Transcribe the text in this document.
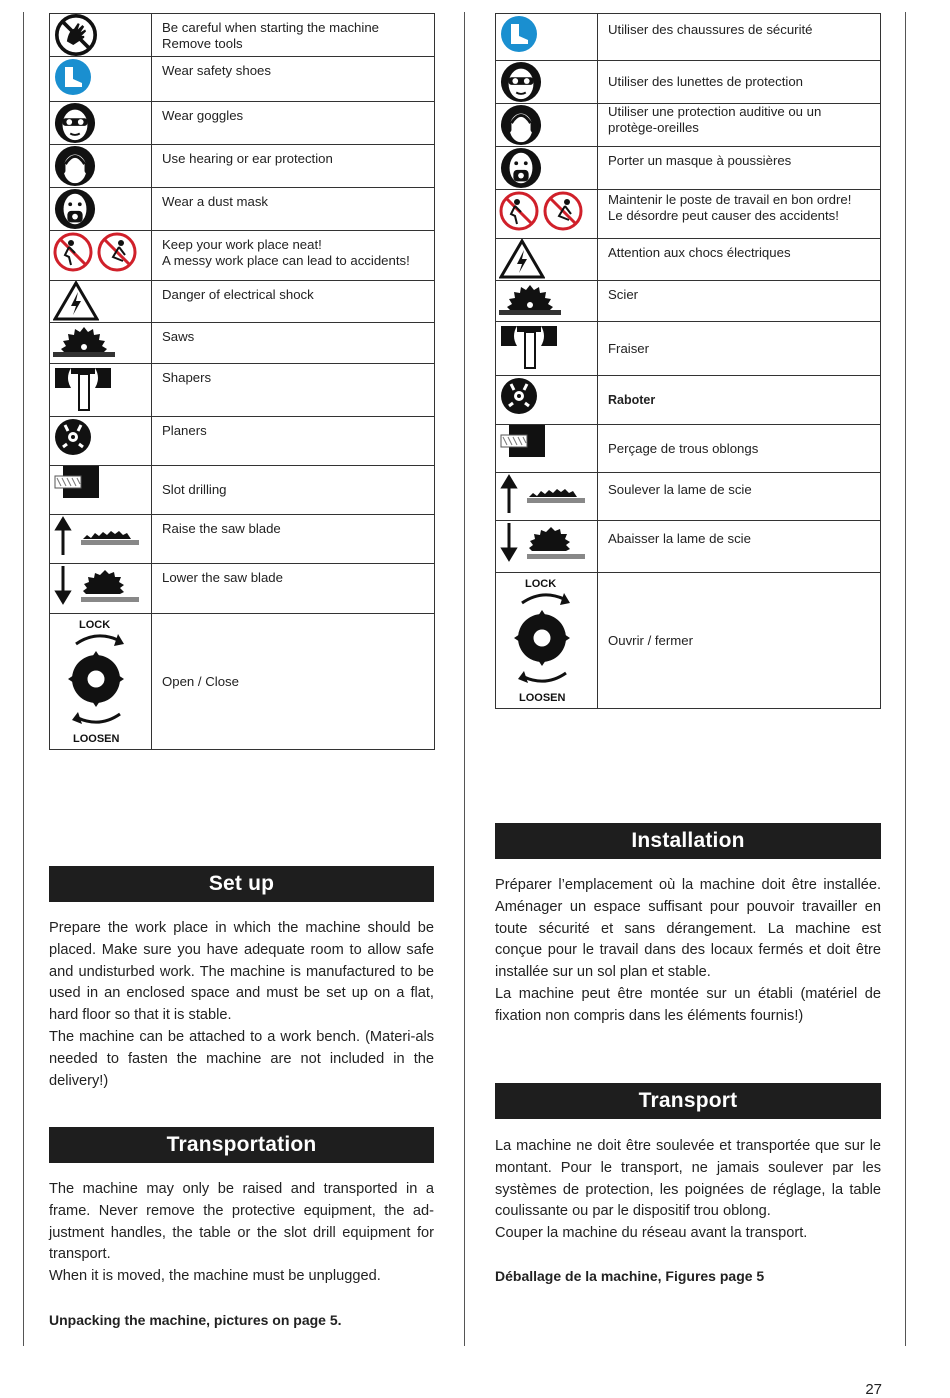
	Be careful when starting the machine
Remove tools

	Wear safety shoes

	Wear goggles

	Use hearing or ear protection

	Wear a dust mask

	Keep your work place neat!
A messy work place can lead to accidents!

	Danger of electrical shock

	Saws

	Shapers

	Planers

	Slot drilling

	Raise the saw blade

	Lower the saw blade

LOCK
LOOSEN	Open / Close
	Utiliser des chaussures de sécurité

	Utiliser des lunettes de protection

	Utiliser une protection auditive ou un
protège-oreilles

	Porter un masque à poussières

	Maintenir le poste de travail en bon ordre!
Le désordre peut causer des accidents!

	Attention aux chocs électriques

	Scier

	Fraiser

	Raboter

	Perçage de trous oblongs

	Soulever la lame de scie

	Abaisser la lame de scie

LOCK
LOOSEN	Ouvrir / fermer
Set up

Prepare the work place in which the machine should be placed. Make sure you have adequate room to allow safe and undisturbed work. The machine is manufactured to be used in an enclosed space and must be set up on a flat, hard floor so that it is stable.

The machine can be attached to a work bench. (Materi-als needed to fasten the machine are not included in the delivery!)

Transportation

The machine may only be raised and transported in a frame. Never remove the protective equipment, the ad-justment handles, the table or the slot drill equipment for transport.

When it is moved, the machine must be unplugged.

Unpacking the machine, pictures on page 5.
Installation

Préparer l’emplacement où la machine doit être installée. Aménager un espace suffisant pour pouvoir travailler en toute sécurité et sans dérangement. La machine est conçue pour le travail dans des locaux fermés et doit être installée sur un sol plan et stable.

La machine peut être montée sur un établi (matériel de fixation non compris dans les éléments fournis!)

Transport

La machine ne doit être soulevée et transportée que sur le montant. Pour le transport, ne jamais soulever par les systèmes de protection, les poignées de réglage, la table coulissante ou par le dispositif trou oblong.

Couper la machine du réseau avant la transport.

Déballage de la machine, Figures page 5
27
